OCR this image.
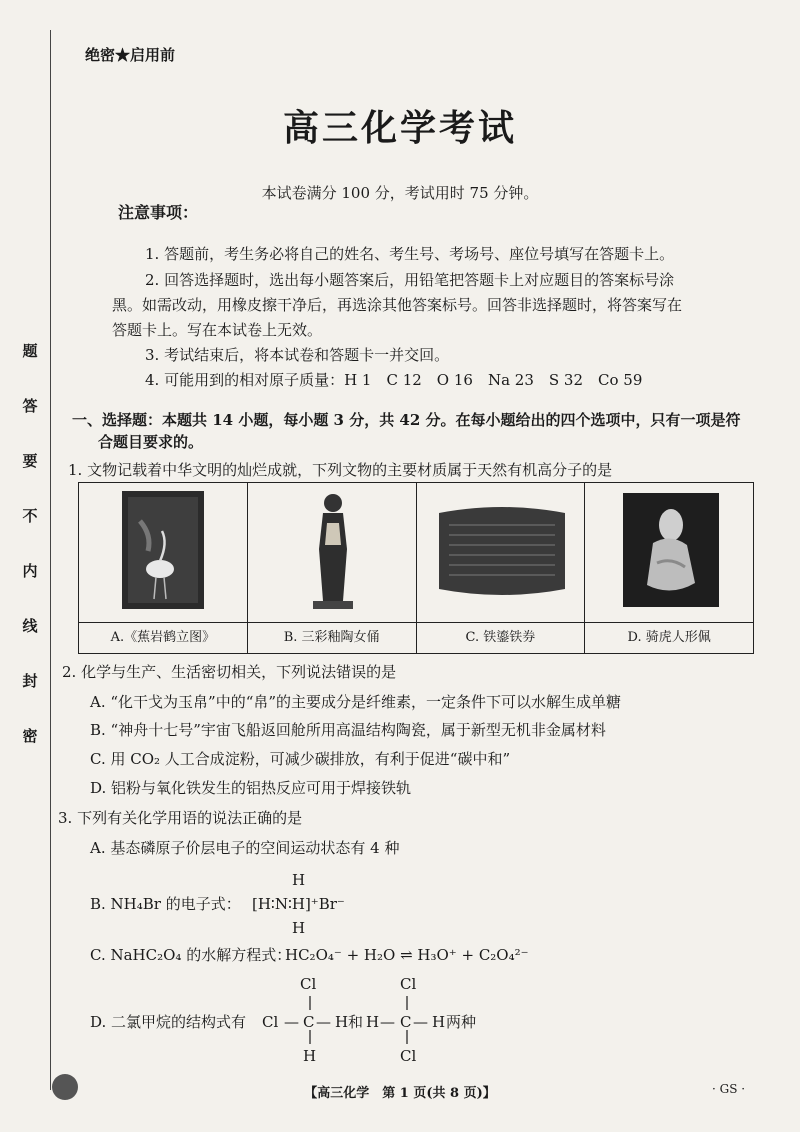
题
答
要
不
内
线
封
密
绝密★启用前
高三化学考试
本试卷满分 100 分，考试用时 75 分钟。
注意事项：
1. 答题前，考生务必将自己的姓名、考生号、考场号、座位号填写在答题卡上。
2. 回答选择题时，选出每小题答案后，用铅笔把答题卡上对应题目的答案标号涂
黑。如需改动，用橡皮擦干净后，再选涂其他答案标号。回答非选择题时，将答案写在
答题卡上。写在本试卷上无效。
3. 考试结束后，将本试卷和答题卡一并交回。
4. 可能用到的相对原子质量：H 1　C 12　O 16　Na 23　S 32　Co 59
一、选择题：本题共 14 小题，每小题 3 分，共 42 分。在每小题给出的四个选项中，只有一项是符
合题目要求的。
1. 文物记载着中华文明的灿烂成就，下列文物的主要材质属于天然有机高分子的是
A.《蕉岩鹤立图》	B. 三彩釉陶女俑	C. 铁鎏铁券	D. 骑虎人形佩
2. 化学与生产、生活密切相关，下列说法错误的是
A. “化干戈为玉帛”中的“帛”的主要成分是纤维素，一定条件下可以水解生成单糖
B. “神舟十七号”宇宙飞船返回舱所用高温结构陶瓷，属于新型无机非金属材料
C. 用 CO₂ 人工合成淀粉，可减少碳排放，有利于促进“碳中和”
D. 铝粉与氧化铁发生的铝热反应可用于焊接铁轨
3. 下列有关化学用语的说法正确的是
A. 基态磷原子价层电子的空间运动状态有 4 种
H
B. NH₄Br 的电子式： [H∶N∶H]⁺Br⁻
H
C. NaHC₂O₄ 的水解方程式：
HC₂O₄⁻ + H₂O ⇌ H₃O⁺ + C₂O₄²⁻
Cl	Cl
D. 二氯甲烷的结构式有 Cl — C — H 和 H — C — H 两种
H	Cl
【高三化学　第 1 页(共 8 页)】	· GS ·
